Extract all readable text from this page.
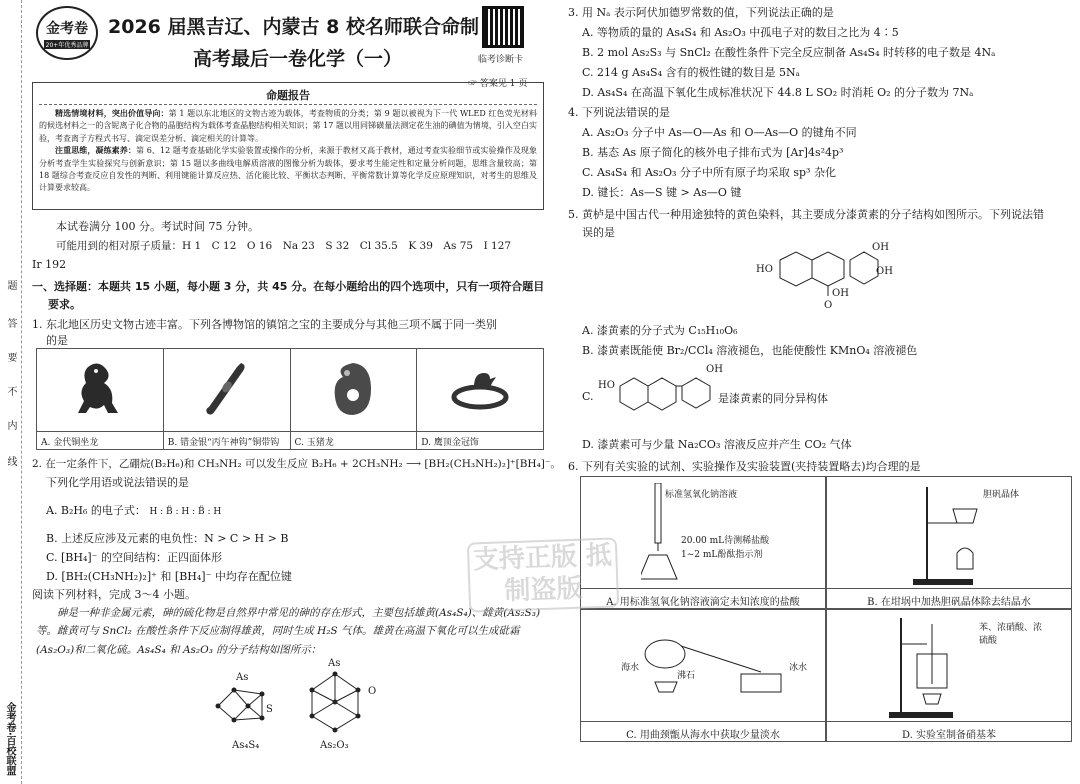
题
答
要
不
内
线
金考卷·百校联盟
金考卷
20+年优秀品牌
2026 届黑吉辽、内蒙古 8 校名师联合命制
高考最后一卷化学（一）	临考诊断卡
☞ 答案见 1 页
命题报告
精选情境材料，突出价值导向：第 1 题以东北地区的文物古迹为载体，考查物质的分类；第 9 题以被视为下一代 WLED 红色荧光材料的候选材料之一的含铌离子化合物的晶胞结构为载体考查晶胞结构相关知识；第 17 题以用同锑磺量法测定花生油的碘值为情境，引入空白实验，考查离子方程式书写、滴定误差分析、滴定相关的计算等。
注重思维，凝练素养：第 6、12 题考查基础化学实验装置或操作的分析，来源于教材又高于教材，通过考查实验细节或实验操作及现象分析考查学生实验探究与创新意识；第 15 题以多曲线电解质溶液的图像分析为载体，要求考生能定性和定量分析问题，思维含量较高；第 18 题综合考查反应自发性的判断、利用键能计算反应热、活化能比较、平衡状态判断、平衡常数计算等化学反应原理知识，对考生的思维及计算要求较高。
本试卷满分 100 分。考试时间 75 分钟。
可能用到的相对原子质量：H 1　C 12　O 16　Na 23　S 32　Cl 35.5　K 39　As 75　I 127
Ir 192
一、选择题：本题共 15 小题，每小题 3 分，共 45 分。在每小题给出的四个选项中，只有一项符合题目
要求。
1. 东北地区历史文物古迹丰富。下列各博物馆的镇馆之宝的主要成分与其他三项不属于同一类别
的是
A. 金代铜坐龙	B. 错金银“丙午神钩”铜带钩	C. 玉猪龙	D. 鹰顶金冠饰
2. 在一定条件下，乙硼烷(B₂H₆)和 CH₃NH₂ 可以发生反应 B₂H₆ + 2CH₃NH₂ ⟶ [BH₂(CH₃NH₂)₂]⁺[BH₄]⁻。
下列化学用语或说法错误的是
A. B₂H₆ 的电子式： H : B̈ : H : B̈ : H
B. 上述反应涉及元素的电负性：N > C > H > B
C. [BH₄]⁻ 的空间结构：正四面体形
D. [BH₂(CH₃NH₂)₂]⁺ 和 [BH₄]⁻ 中均存在配位键
阅读下列材料，完成 3～4 小题。
砷是一种非金属元素，砷的硫化物是自然界中常见的砷的存在形式，主要包括雄黄(As₄S₄)、雌黄(As₂S₃)等。雌黄可与 SnCl₂ 在酸性条件下反应制得雄黄，同时生成 H₂S 气体。雄黄在高温下氧化可以生成砒霜(As₂O₃)和二氧化硫。As₄S₄ 和 As₂O₃ 的分子结构如图所示：
As
S
As₄S₄
As
O
As₂O₃
3. 用 Nₐ 表示阿伏加德罗常数的值，下列说法正确的是
A. 等物质的量的 As₄S₄ 和 As₂O₃ 中孤电子对的数目之比为 4∶5
B. 2 mol As₂S₃ 与 SnCl₂ 在酸性条件下完全反应制备 As₄S₄ 时转移的电子数是 4Nₐ
C. 214 g As₄S₄ 含有的极性键的数目是 5Nₐ
D. As₄S₄ 在高温下氧化生成标准状况下 44.8 L SO₂ 时消耗 O₂ 的分子数为 7Nₐ
4. 下列说法错误的是
A. As₂O₃ 分子中 As—O—As 和 O—As—O 的键角不同
B. 基态 As 原子简化的核外电子排布式为 [Ar]4s²4p³
C. As₄S₄ 和 As₂O₃ 分子中所有原子均采取 sp³ 杂化
D. 键长：As—S 键 > As—O 键
5. 黄栌是中国古代一种用途独特的黄色染料，其主要成分漆黄素的分子结构如图所示。下列说法错
误的是
HO
OH
OH
OH
O
A. 漆黄素的分子式为 C₁₅H₁₀O₆
B. 漆黄素既能使 Br₂/CCl₄ 溶液褪色，也能使酸性 KMnO₄ 溶液褪色
C.
HO
OH
是漆黄素的同分异构体
D. 漆黄素可与少量 Na₂CO₃ 溶液反应并产生 CO₂ 气体
6. 下列有关实验的试剂、实验操作及实验装置(夹持装置略去)均合理的是
标准氢氧化钠溶液
20.00 mL待测稀盐酸
1~2 mL酚酞指示剂
A. 用标准氢氧化钠溶液滴定未知浓度的盐酸
胆矾晶体
B. 在坩埚中加热胆矾晶体除去结晶水
海水
沸石
冰水
C. 用曲颈甑从海水中获取少量淡水
苯、浓硝酸、浓硫酸
D. 实验室制备硝基苯
支持正版 抵制盗版
